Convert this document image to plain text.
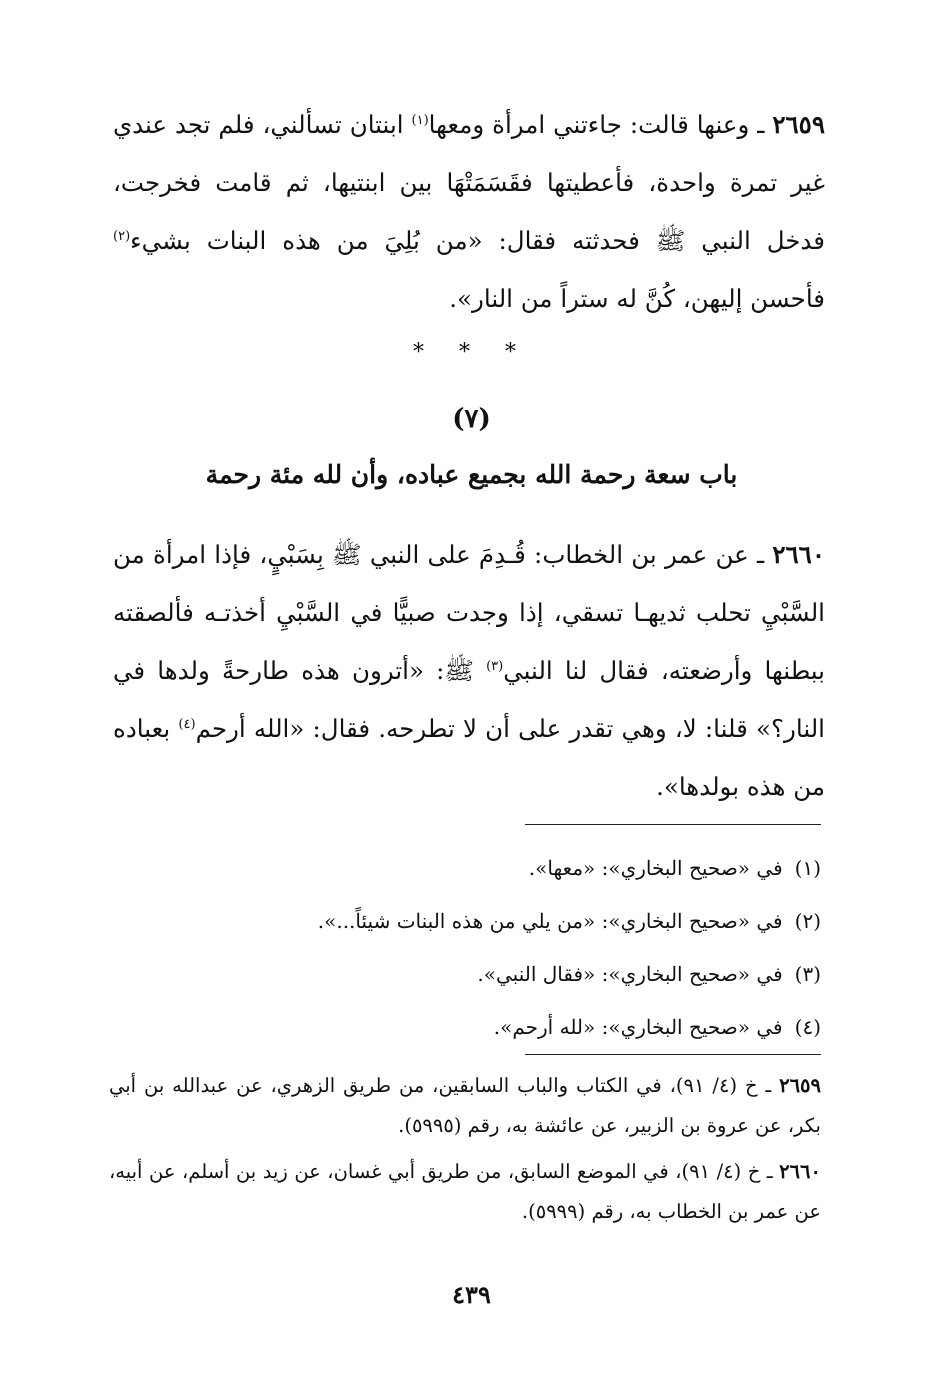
٢٦٥٩ ـ وعنها قالت: جاءتني امرأة ومعها$^{(١)}$ ابنتان تسألني، فلم تجد عندي غير تمرة واحدة، فأعطيتها فقَسَمَتْهَا بين ابنتيها، ثم قامت فخرجت، فدخل النبي ﷺ فحدثته فقال: «من بُلِيَ من هذه البنات بشيء$^{(٢)}$ فأحسن إليهن، كُنَّ له ستراً من النار».
* * *
(٧)
باب سعة رحمة الله بجميع عباده، وأن لله مئة رحمة
٢٦٦٠ ـ عن عمر بن الخطاب: قُـدِمَ على النبي ﷺ بِسَبْيٍ، فإذا امرأة من السَّبْيِ تحلب ثديهـا تسقي، إذا وجدت صبيًّا في السَّبْيِ أخذتـه فألصقته ببطنها وأرضعته، فقال لنا النبي$^{(٣)}$ ﷺ: «أترون هذه طارحةً ولدها في النار؟» قلنا: لا، وهي تقدر على أن لا تطرحه. فقال: «الله أرحم$^{(٤)}$ بعباده من هذه بولدها».
(١)في «صحيح البخاري»: «معها».
(٢)في «صحيح البخاري»: «من يلي من هذه البنات شيئاً...».
(٣)في «صحيح البخاري»: «فقال النبي».
(٤)في «صحيح البخاري»: «لله أرحم».
٢٦٥٩ ـ خ (٤/ ٩١)، في الكتاب والباب السابقين، من طريق الزهري، عن عبدالله بن أبي بكر، عن عروة بن الزبير، عن عائشة به، رقم (٥٩٩٥).
٢٦٦٠ ـ خ (٤/ ٩١)، في الموضع السابق، من طريق أبي غسان، عن زيد بن أسلم، عن أبيه، عن عمر بن الخطاب به، رقم (٥٩٩٩).
٤٣٩
